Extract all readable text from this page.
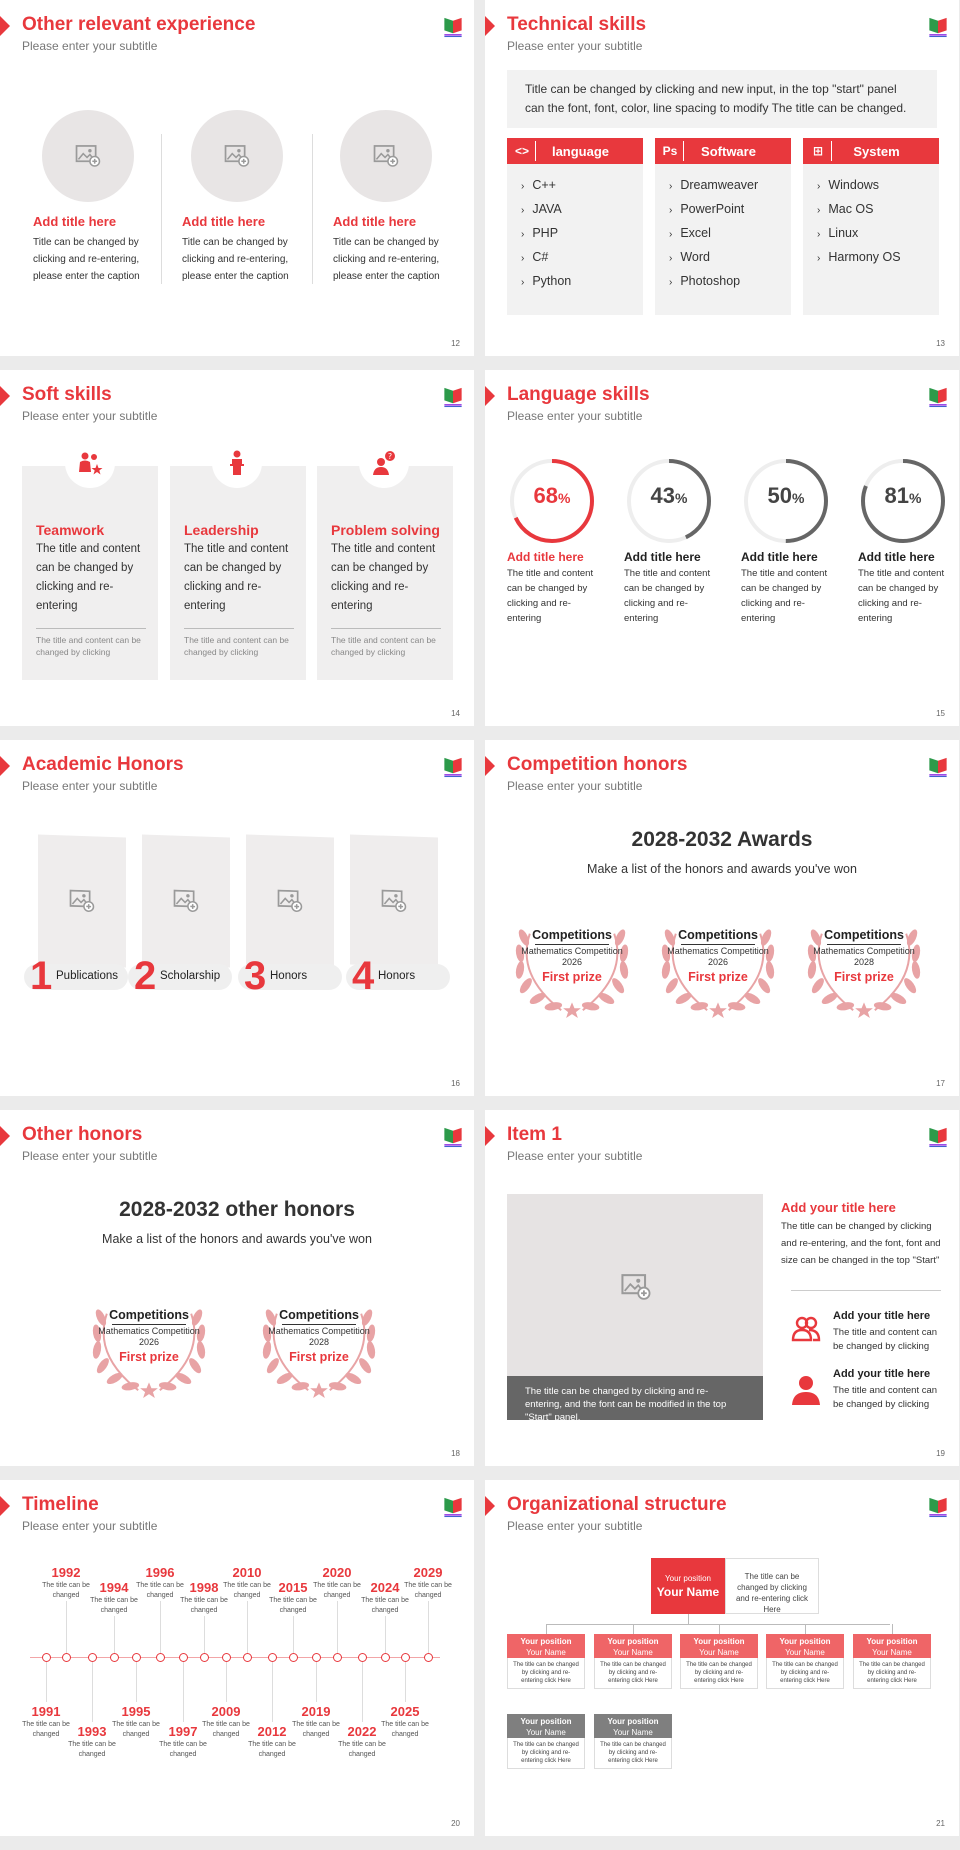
Other relevant experience
Please enter your subtitle
Add title here
Title can be changed by clicking and re-entering, please enter the caption
Add title here
Title can be changed by clicking and re-entering, please enter the caption
Add title here
Title can be changed by clicking and re-entering, please enter the caption
12
Technical skills
Please enter your subtitle
Title can be changed by clicking and new input, in the top "start" panel can the font, font, color, line spacing to modify The title can be changed.
<>	language
› C++
› JAVA
› PHP
› C#
› Python
Ps	Software
› Dreamweaver
› PowerPoint
› Excel
› Word
› Photoshop
⊞	System
› Windows
› Mac OS
› Linux
› Harmony OS
13
Soft skills
Please enter your subtitle
Teamwork
The title and content can be changed by clicking and re-entering
The title and content can be changed by clicking
Leadership
The title and content can be changed by clicking and re-entering
The title and content can be changed by clicking
Problem solving
The title and content can be changed by clicking and re-entering
The title and content can be changed by clicking
?
14
Language skills
Please enter your subtitle
68%
Add title here
The title and content can be changed by clicking and re-entering
43%
Add title here
The title and content can be changed by clicking and re-entering
50%
Add title here
The title and content can be changed by clicking and re-entering
81%
Add title here
The title and content can be changed by clicking and re-entering
15
Academic Honors
Please enter your subtitle
1 Publications 2 Scholarship 3 Honors 4 Honors
16
Competition honors
Please enter your subtitle
2028-2032 Awards
Make a list of the honors and awards you've won
Competitions
Mathematics Competition
2026
First prize
Competitions
Mathematics Competition
2026
First prize
Competitions
Mathematics Competition
2028
First prize
17
Other honors
Please enter your subtitle
2028-2032 other honors
Make a list of the honors and awards you've won
Competitions
Mathematics Competition
2026
First prize
Competitions
Mathematics Competition
2028
First prize
18
Item 1
Please enter your subtitle
The title can be changed by clicking and re-entering, and the font can be modified in the top "Start" panel.
Add your title here
The title can be changed by clicking and re-entering, and the font, font and size can be changed in the top "Start"
Add your title here
The title and content can be changed by clicking
Add your title here
The title and content can be changed by clicking
19
Timeline
Please enter your subtitle
1992
The title can be changed	1994
The title can be changed
1996
The title can be changed	1998
The title can be changed
2010
The title can be changed	2015
The title can be changed
2020
The title can be changed	2024
The title can be changed
2029
The title can be changed
1991
The title can be changed	1993
The title can be changed
1995
The title can be changed	1997
The title can be changed
2009
The title can be changed	2012
The title can be changed
2019
The title can be changed	2022
The title can be changed
2025
The title can be changed
20
Organizational structure
Please enter your subtitle
Your position
Your Name
The title can be changed by clicking and re-entering click Here
Your position
Your Name
The title can be changed by clicking and re-entering click Here
Your position
Your Name
The title can be changed by clicking and re-entering click Here
Your position
Your Name
The title can be changed by clicking and re-entering click Here
Your position
Your Name
The title can be changed by clicking and re-entering click Here
Your position
Your Name
The title can be changed by clicking and re-entering click Here
Your position
Your Name
The title can be changed by clicking and re-entering click Here
Your position
Your Name
The title can be changed by clicking and re-entering click Here
21
